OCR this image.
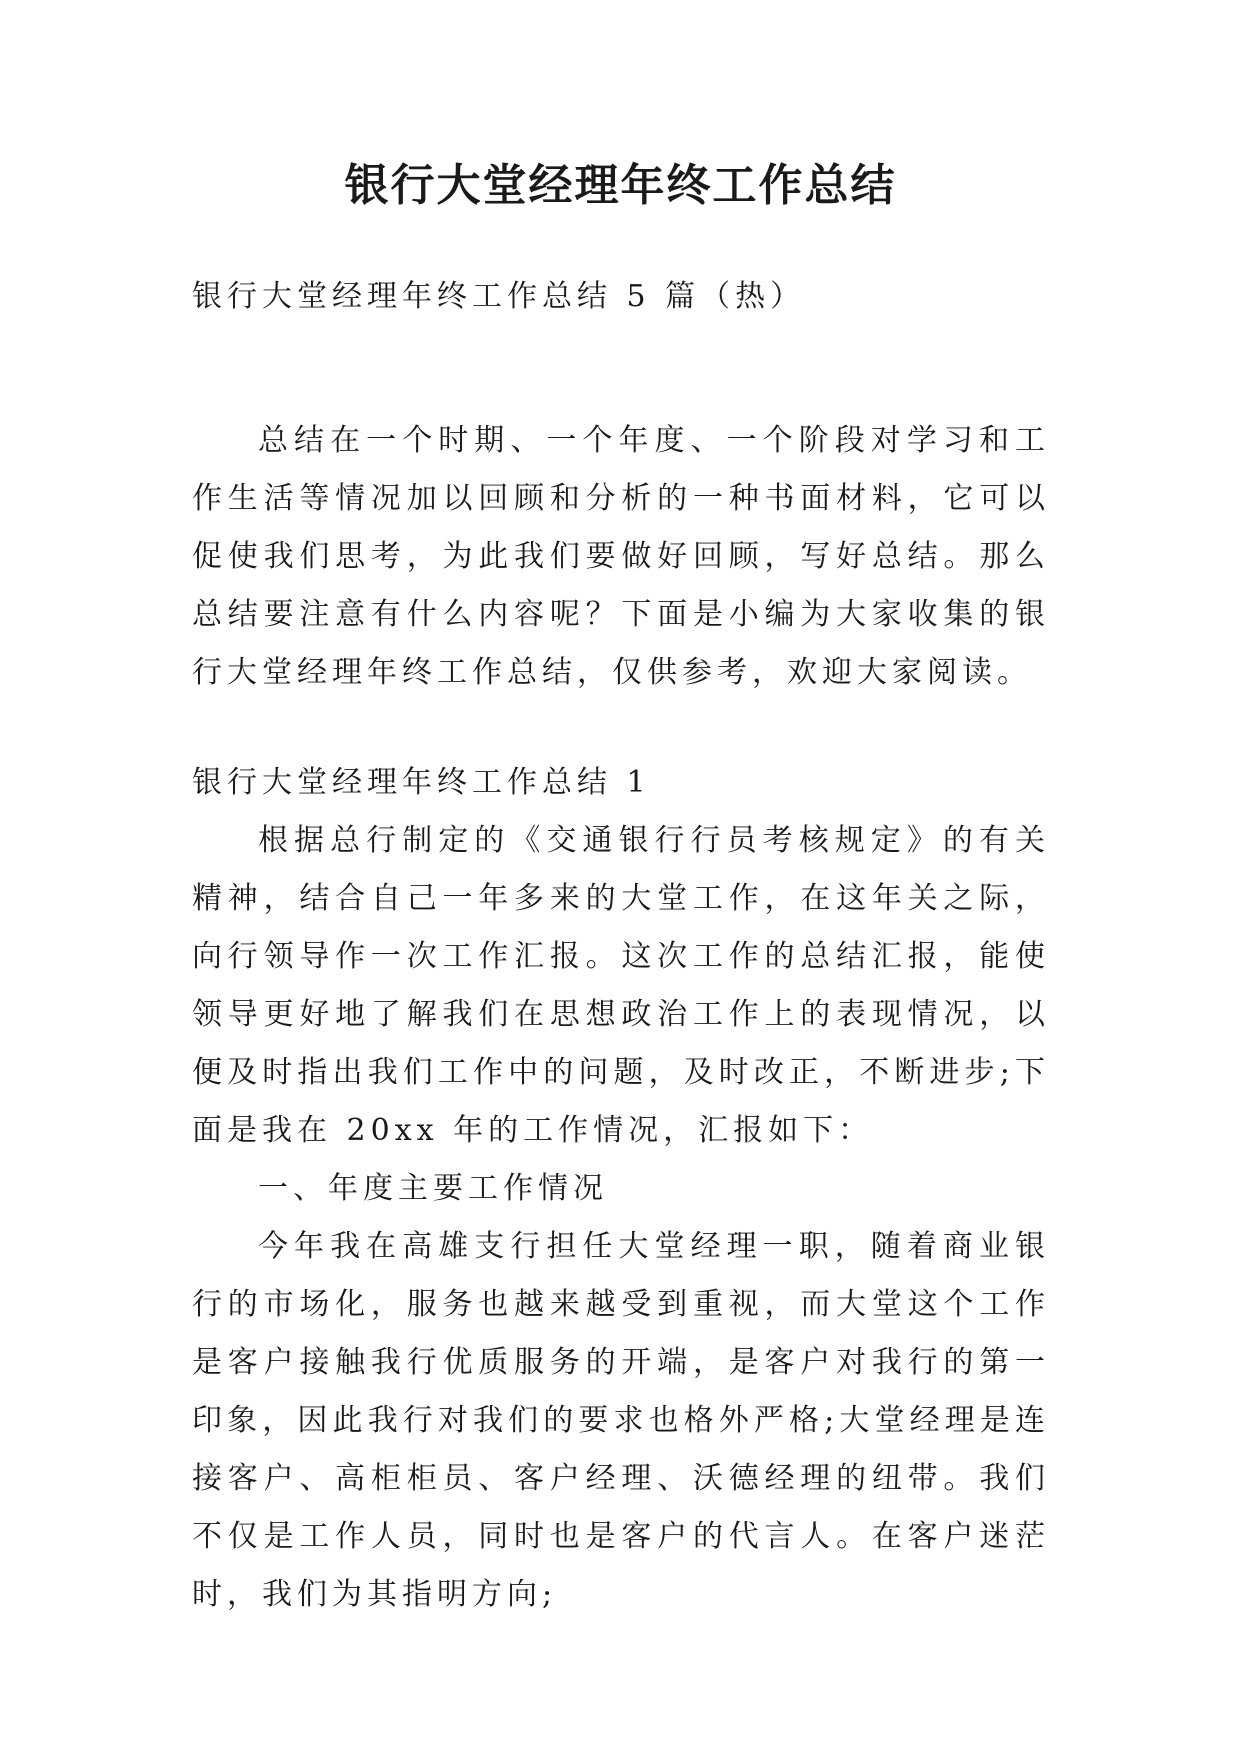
银行大堂经理年终工作总结
银行大堂经理年终工作总结 5 篇（热）
总结在一个时期、一个年度、一个阶段对学习和工作生活等情况加以回顾和分析的一种书面材料，它可以促使我们思考，为此我们要做好回顾，写好总结。那么总结要注意有什么内容呢？下面是小编为大家收集的银行大堂经理年终工作总结，仅供参考，欢迎大家阅读。
银行大堂经理年终工作总结 1
根据总行制定的《交通银行行员考核规定》的有关精神，结合自己一年多来的大堂工作，在这年关之际，向行领导作一次工作汇报。这次工作的总结汇报，能使领导更好地了解我们在思想政治工作上的表现情况，以便及时指出我们工作中的问题，及时改正，不断进步;下面是我在 20xx 年的工作情况，汇报如下：
一、年度主要工作情况
今年我在高雄支行担任大堂经理一职，随着商业银行的市场化，服务也越来越受到重视，而大堂这个工作是客户接触我行优质服务的开端，是客户对我行的第一印象，因此我行对我们的要求也格外严格;大堂经理是连接客户、高柜柜员、客户经理、沃德经理的纽带。我们不仅是工作人员，同时也是客户的代言人。在客户迷茫时，我们为其指明方向;
